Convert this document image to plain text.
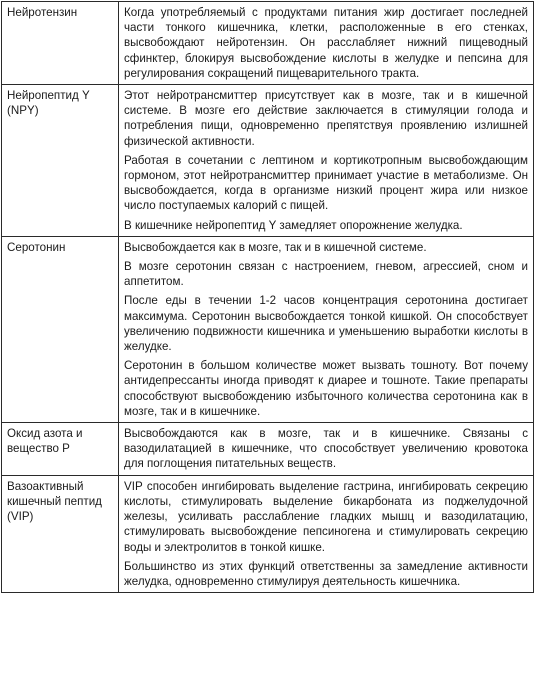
Нейротензин	Когда употребляемый с продуктами питания жир достигает последней части тонкого кишечника, клетки, расположенные в его стенках, высвобождают нейротензин. Он расслабляет нижний пищеводный сфинктер, блокируя высвобождение кислоты в желудке и пепсина для регулирования сокращений пищеварительного тракта.

Нейропептид Y (NPY)	Этот нейротрансмиттер присутствует как в мозге, так и в кишечной системе. В мозге его действие заключается в стимуляции голода и потребления пищи, одновременно препятствуя проявлению излишней физической активности.

Работая в сочетании с лептином и кортикотропным высвобождающим гормоном, этот нейротрансмиттер принимает участие в метаболизме. Он высвобождается, когда в организме низкий процент жира или низкое число поступаемых калорий с пищей.

В кишечнике нейропептид Y замедляет опорожнение желудка.

Серотонин	Высвобождается как в мозге, так и в кишечной системе.

В мозге серотонин связан с настроением, гневом, агрессией, сном и аппетитом.

После еды в течении 1-2 часов концентрация серотонина достигает максимума. Серотонин высвобождается тонкой кишкой. Он способствует увеличению подвижности кишечника и уменьшению выработки кислоты в желудке.

Серотонин в большом количестве может вызвать тошноту. Вот почему антидепрессанты иногда приводят к диарее и тошноте. Такие препараты способствуют высвобождению избыточного количества серотонина как в мозге, так и в кишечнике.

Оксид азота и вещество Р	Высвобождаются как в мозге, так и в кишечнике. Связаны с вазодилатацией в кишечнике, что способствует увеличению кровотока для поглощения питательных веществ.

Вазоактивный кишечный пептид (VIP)	VIP способен ингибировать выделение гастрина, ингибировать секрецию кислоты, стимулировать выделение бикарбоната из поджелудочной железы, усиливать расслабление гладких мышц и вазодилатацию, стимулировать высвобождение пепсиногена и стимулировать секрецию воды и электролитов в тонкой кишке.

Большинство из этих функций ответственны за замедление активности желудка, одновременно стимулируя деятельность кишечника.
